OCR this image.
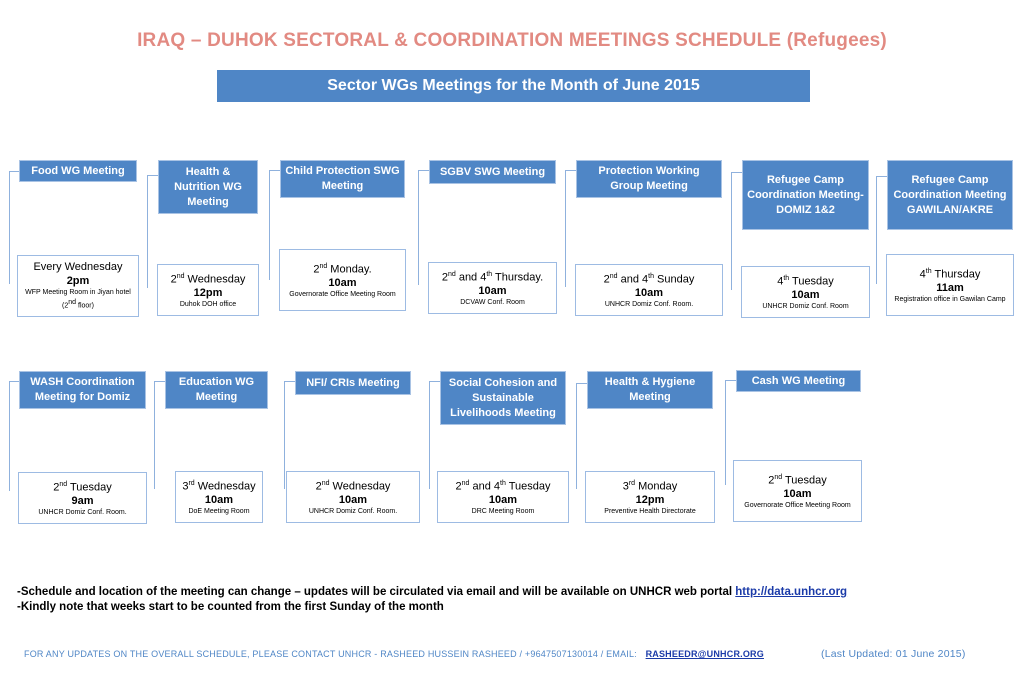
IRAQ – DUHOK SECTORAL & COORDINATION MEETINGS SCHEDULE (Refugees)
Sector WGs Meetings for the Month of June 2015
Food WG Meeting
Every Wednesday
2pm
WFP Meeting Room in Jiyan hotel (2nd floor)
Health & Nutrition WG Meeting
2nd Wednesday
12pm
Duhok DOH office
Child Protection SWG Meeting
2nd Monday.
10am
Governorate Office Meeting Room
SGBV SWG Meeting
2nd and 4th Thursday.
10am
DCVAW Conf. Room
Protection Working Group Meeting
2nd and 4th Sunday
10am
UNHCR Domiz Conf. Room.
Refugee Camp Coordination Meeting- DOMIZ 1&2
4th Tuesday
10am
UNHCR Domiz Conf. Room
Refugee Camp Coordination Meeting GAWILAN/AKRE
4th Thursday
11am
Registration office in Gawilan Camp
WASH Coordination Meeting for Domiz
2nd Tuesday
9am
UNHCR Domiz Conf. Room.
Education WG Meeting
3rd Wednesday
10am
DoE Meeting Room
NFI/ CRIs Meeting
2nd Wednesday
10am
UNHCR Domiz Conf. Room.
Social Cohesion and Sustainable Livelihoods Meeting
2nd and 4th Tuesday
10am
DRC Meeting Room
Health & Hygiene Meeting
3rd Monday
12pm
Preventive Health Directorate
Cash WG Meeting
2nd Tuesday
10am
Governorate Office Meeting Room
-Schedule and location of the meeting can change – updates will be circulated via email and will be available on UNHCR web portal http://data.unhcr.org
-Kindly note that weeks start to be counted from the first Sunday of the month
FOR ANY UPDATES ON THE OVERALL SCHEDULE, PLEASE CONTACT UNHCR - RASHEED HUSSEIN RASHEED / +9647507130014 / EMAIL: RASHEEDR@UNHCR.ORG	(Last Updated: 01 June 2015)
